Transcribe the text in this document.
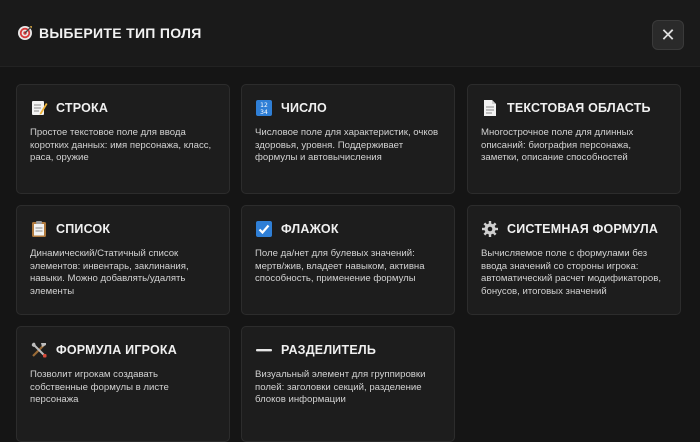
ВЫБЕРИТЕ ТИП ПОЛЯ	✕
СТРОКА
Простое текстовое поле для ввода коротких данных: имя персонажа, класс, раса, оружие
12
34 ЧИСЛО
Числовое поле для характеристик, очков здоровья, уровня. Поддерживает формулы и автовычисления
ТЕКСТОВАЯ ОБЛАСТЬ
Многострочное поле для длинных описаний: биография персонажа, заметки, описание способностей
СПИСОК
Динамический/Статичный список элементов: инвентарь, заклинания, навыки. Можно добавлять/удалять элементы
ФЛАЖОК
Поле да/нет для булевых значений: мертв/жив, владеет навыком, активна способность, применение формулы
СИСТЕМНАЯ ФОРМУЛА
Вычисляемое поле с формулами без ввода значений со стороны игрока: автоматический расчет модификаторов, бонусов, итоговых значений
ФОРМУЛА ИГРОКА
Позволит игрокам создавать собственные формулы в листе персонажа
РАЗДЕЛИТЕЛЬ
Визуальный элемент для группировки полей: заголовки секций, разделение блоков информации
